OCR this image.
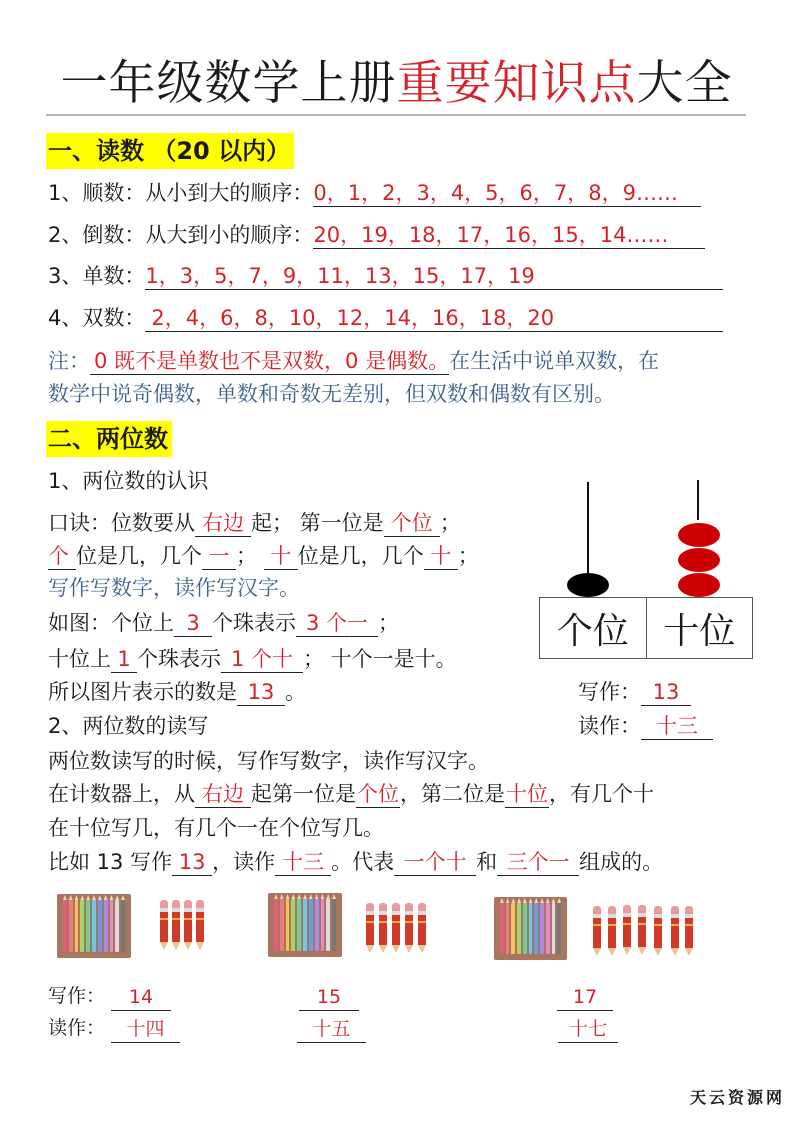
一年级数学上册重要知识点大全
一、读数 （20 以内）
1、顺数：从小到大的顺序：0，1，2，3，4，5，6，7，8，9……
2、倒数：从大到小的顺序：20，19，18，17，16，15，14……
3、单数：1，3，5，7，9，11，13，15，17，19
4、双数： 2，4，6，8，10，12，14，16，18，20
注： 0 既不是单数也不是双数，0 是偶数。在生活中说单双数，在
数学中说奇偶数，单数和奇数无差别，但双数和偶数有区别。
二、两位数
1、两位数的认识
口诀：位数要从 右边 起； 第一位是 个位 ；
个 位是几，几个 一 ； 十 位是几，几个 十 ；
写作写数字，读作写汉字。
如图：个位上 3 个珠表示 3 个一 ；
十位上 1 个珠表示 1 个十 ； 十个一是十。
所以图片表示的数是 13 。
个位 十位
写作： 13
读作： 十三
2、两位数的读写
两位数读写的时候，写作写数字，读作写汉字。
在计数器上，从 右边 起第一位是个位，第二位是十位，有几个十
在十位写几，有几个一在个位写几。
比如 13 写作 13 ，读作 十三 。代表 一个十 和 三个一 组成的。
写作：
读作：
14
十四
15
十五
17
十七
天云资源网
